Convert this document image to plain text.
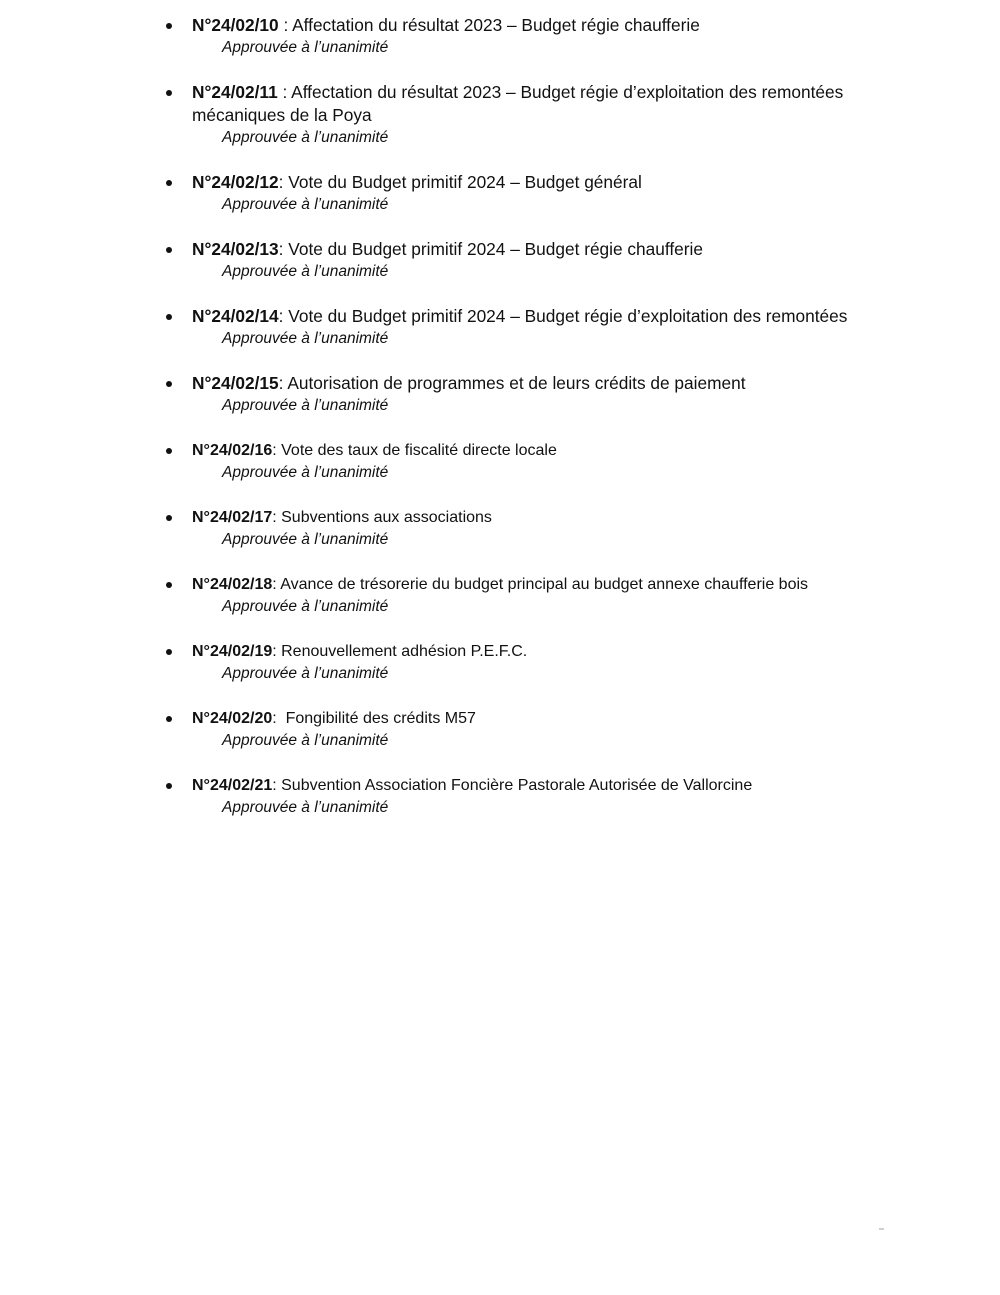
N°24/02/10 : Affectation du résultat 2023 – Budget régie chaufferie
Approuvée à l’unanimité
N°24/02/11 : Affectation du résultat 2023 – Budget régie d’exploitation des remontées mécaniques de la Poya
Approuvée à l’unanimité
N°24/02/12: Vote du Budget primitif 2024 – Budget général
Approuvée à l’unanimité
N°24/02/13: Vote du Budget primitif 2024 – Budget régie chaufferie
Approuvée à l’unanimité
N°24/02/14: Vote du Budget primitif 2024 – Budget régie d’exploitation des remontées
Approuvée à l’unanimité
N°24/02/15: Autorisation de programmes et de leurs crédits de paiement
Approuvée à l’unanimité
N°24/02/16: Vote des taux de fiscalité directe locale
Approuvée à l’unanimité
N°24/02/17: Subventions aux associations
Approuvée à l’unanimité
N°24/02/18: Avance de trésorerie du budget principal au budget annexe chaufferie bois
Approuvée à l’unanimité
N°24/02/19: Renouvellement adhésion P.E.F.C.
Approuvée à l’unanimité
N°24/02/20:  Fongibilité des crédits M57
Approuvée à l’unanimité
N°24/02/21: Subvention Association Foncière Pastorale Autorisée de Vallorcine
Approuvée à l’unanimité
